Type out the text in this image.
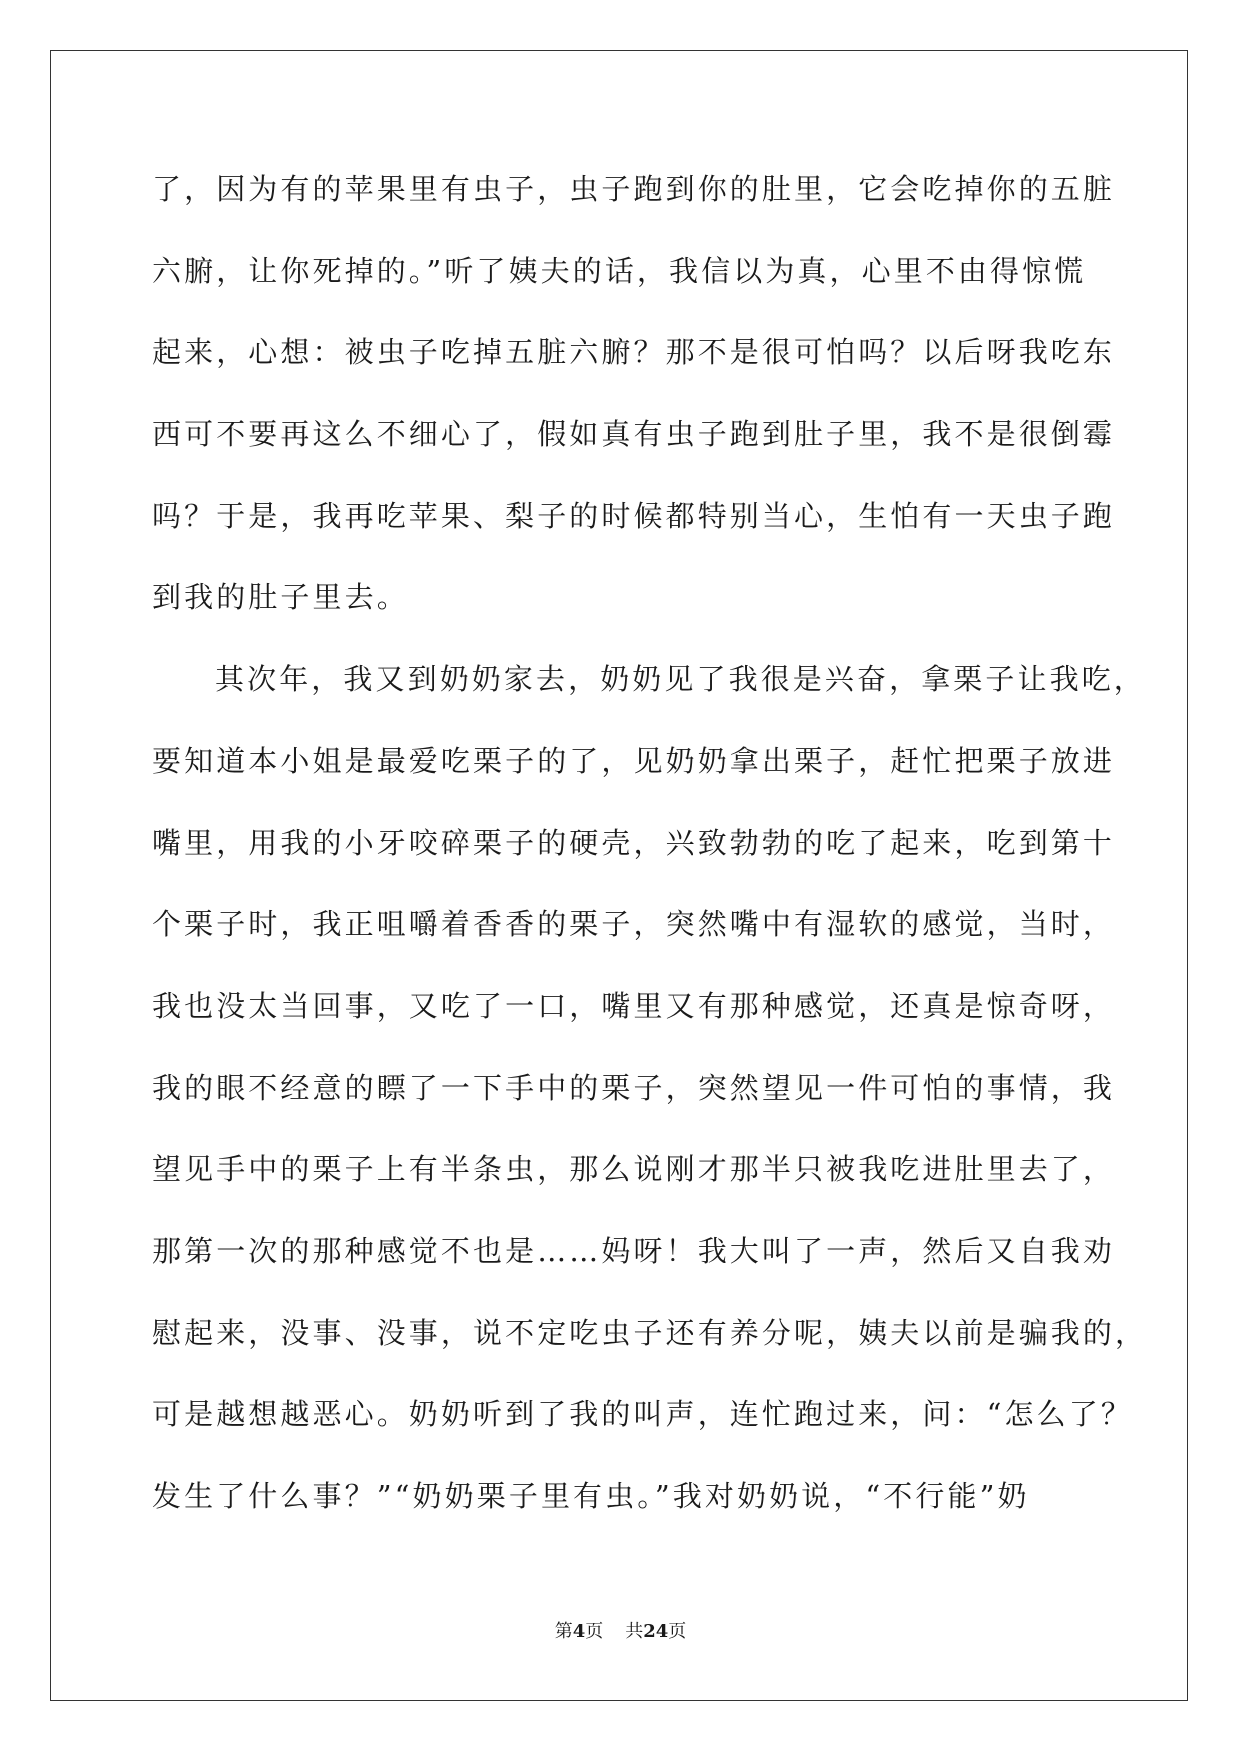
了，因为有的苹果里有虫子，虫子跑到你的肚里，它会吃掉你的五脏
六腑，让你死掉的。”听了姨夫的话，我信以为真，心里不由得惊慌
起来，心想：被虫子吃掉五脏六腑？那不是很可怕吗？以后呀我吃东
西可不要再这么不细心了，假如真有虫子跑到肚子里，我不是很倒霉
吗？于是，我再吃苹果、梨子的时候都特别当心，生怕有一天虫子跑
到我的肚子里去。
其次年，我又到奶奶家去，奶奶见了我很是兴奋，拿栗子让我吃，
要知道本小姐是最爱吃栗子的了，见奶奶拿出栗子，赶忙把栗子放进
嘴里，用我的小牙咬碎栗子的硬壳，兴致勃勃的吃了起来，吃到第十
个栗子时，我正咀嚼着香香的栗子，突然嘴中有湿软的感觉，当时，
我也没太当回事，又吃了一口，嘴里又有那种感觉，还真是惊奇呀，
我的眼不经意的瞟了一下手中的栗子，突然望见一件可怕的事情，我
望见手中的栗子上有半条虫，那么说刚才那半只被我吃进肚里去了，
那第一次的那种感觉不也是……妈呀！我大叫了一声，然后又自我劝
慰起来，没事、没事，说不定吃虫子还有养分呢，姨夫以前是骗我的，
可是越想越恶心。奶奶听到了我的叫声，连忙跑过来，问：“怎么了？
发生了什么事？”“奶奶栗子里有虫。”我对奶奶说，“不行能”奶
第4页 共24页
